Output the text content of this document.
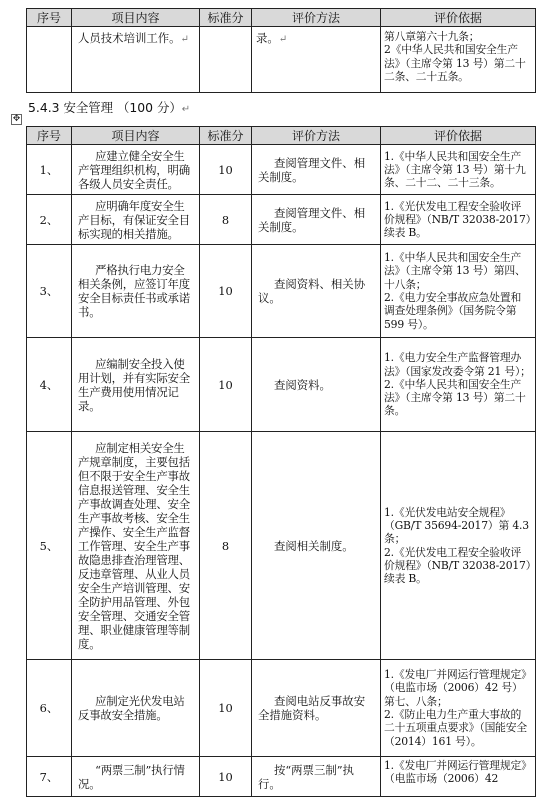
序号	项目内容	标准分	评价方法	评价依据
	人员技术培训工作。↵		录。↵	第八章第六十九条；
2《中华人民共和国安全生产法》（主席令第 13 号）第二十二条、二十五条。
5.4.3 安全管理 （100 分）↵
✥
序号	项目内容	标准分	评价方法	评价依据
1、	应建立健全安全生产管理组织机构，明确各级人员安全责任。	10	查阅管理文件、相关制度。	1.《中华人民共和国安全生产法》（主席令第 13 号）第十九条、二十二、二十三条。

2、	应明确年度安全生产目标，有保证安全目标实现的相关措施。	8	查阅管理文件、相关制度。	1.《光伏发电工程安全验收评价规程》（NB/T 32038-2017）续表 B。

3、	严格执行电力安全相关条例，应签订年度安全目标责任书或承诺书。	10	查阅资料、相关协议。	1.《中华人民共和国安全生产法》（主席令第 13 号）第四、十八条；
2.《电力安全事故应急处置和调查处理条例》（国务院令第 599 号）。

4、	应编制安全投入使用计划，并有实际安全生产费用使用情况记录。	10	查阅资料。	1.《电力安全生产监督管理办法》（国家发改委令第 21 号）；
2.《中华人民共和国安全生产法》（主席令第 13 号）第二十条。

5、	应制定相关安全生产规章制度，主要包括但不限于安全生产事故信息报送管理、安全生产事故调查处理、安全生产事故考核、安全生产操作、安全生产监督工作管理、安全生产事故隐患排查治理管理、反违章管理、从业人员安全生产培训管理、安全防护用品管理、外包安全管理、交通安全管理、职业健康管理等制度。	8	查阅相关制度。	1.《光伏发电站安全规程》（GB/T 35694-2017）第 4.3 条；
2.《光伏发电工程安全验收评价规程》（NB/T 32038-2017）续表 B。

6、	应制定光伏发电站反事故安全措施。	10	查阅电站反事故安全措施资料。	1.《发电厂并网运行管理规定》（电监市场（2006）42 号）第七、八条；
2.《防止电力生产重大事故的二十五项重点要求》（国能安全（2014）161 号）。

7、	“两票三制”执行情况。	10	按“两票三制”执行。	1.《发电厂并网运行管理规定》（电监市场（2006）42
